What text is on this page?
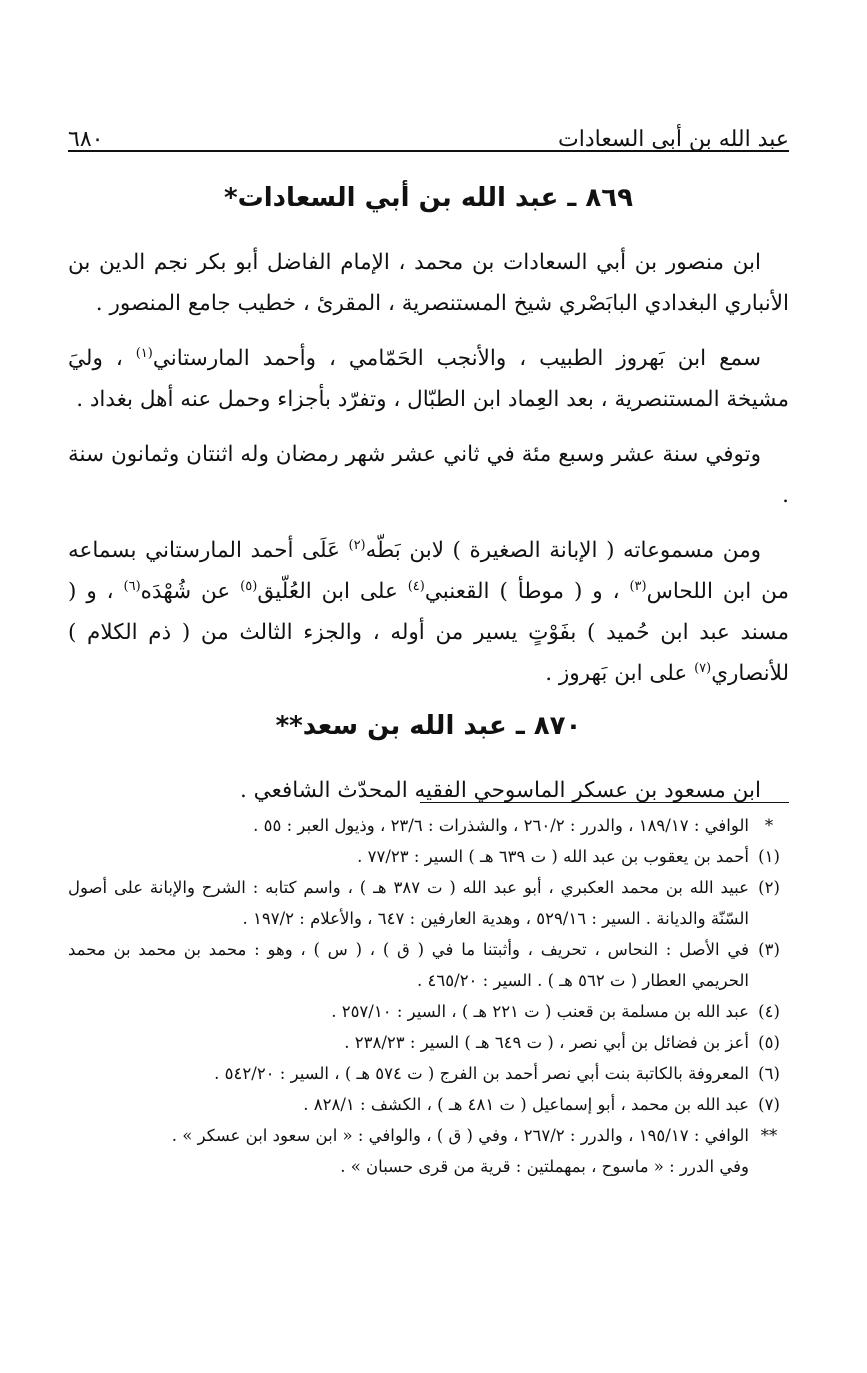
عبد الله بن أبي السعادات
٦٨٠
٨٦٩ ـ عبد الله بن أبي السعادات*

ابن منصور بن أبي السعادات بن محمد ، الإمام الفاضل أبو بكر نجم الدين بن الأنباري البغدادي البابَصْري شيخ المستنصرية ، المقرئ ، خطيب جامع المنصور .

سمع ابن بَهروز الطبيب ، والأنجب الحَمّامي ، وأحمد المارستاني$^{(١)}$ ، وليَ مشيخة المستنصرية ، بعد العِماد ابن الطبّال ، وتفرّد بأجزاء وحمل عنه أهل بغداد .

وتوفي سنة عشر وسبع مئة في ثاني عشر شهر رمضان وله اثنتان وثمانون سنة .

ومن مسموعاته ( الإبانة الصغيرة ) لابن بَطّه$^{(٢)}$ عَلَى أحمد المارستاني بسماعه من ابن اللحاس$^{(٣)}$ ، و ( موطأ ) القعنبي$^{(٤)}$ على ابن العُلّيق$^{(٥)}$ عن شُهْدَه$^{(٦)}$ ، و ( مسند عبد ابن حُميد ) بفَوْتٍ يسير من أوله ، والجزء الثالث من ( ذم الكلام ) للأنصاري$^{(٧)}$ على ابن بَهروز .

٨٧٠ ـ عبد الله بن سعد**

ابن مسعود بن عسكر الماسوحي الفقيه المحدّث الشافعي .

*
الوافي : ١٨٩/١٧ ، والدرر : ٢٦٠/٢ ، والشذرات : ٢٣/٦ ، وذيول العبر : ٥٥ .
(١)
أحمد بن يعقوب بن عبد الله ( ت ٦٣٩ هـ ) السير : ٧٧/٢٣ .
(٢)
عبيد الله بن محمد العكبري ، أبو عبد الله ( ت ٣٨٧ هـ ) ، واسم كتابه : الشرح والإبانة على أصول السّنّة والديانة . السير : ٥٢٩/١٦ ، وهدية العارفين : ٦٤٧ ، والأعلام : ١٩٧/٢ .
(٣)
في الأصل : النحاس ، تحريف ، وأثبتنا ما في ( ق ) ، ( س ) ، وهو : محمد بن محمد بن محمد الحريمي العطار ( ت ٥٦٢ هـ ) . السير : ٤٦٥/٢٠ .
(٤)
عبد الله بن مسلمة بن قعنب ( ت ٢٢١ هـ ) ، السير : ٢٥٧/١٠ .
(٥)
أعز بن فضائل بن أبي نصر ، ( ت ٦٤٩ هـ ) السير : ٢٣٨/٢٣ .
(٦)
المعروفة بالكاتبة بنت أبي نصر أحمد بن الفرج ( ت ٥٧٤ هـ ) ، السير : ٥٤٢/٢٠ .
(٧)
عبد الله بن محمد ، أبو إسماعيل ( ت ٤٨١ هـ ) ، الكشف : ٨٢٨/١ .
**
الوافي : ١٩٥/١٧ ، والدرر : ٢٦٧/٢ ، وفي ( ق ) ، والوافي : « ابن سعود ابن عسكر » .
وفي الدرر : « ماسوح ، بمهملتين : قرية من قرى حسبان » .
